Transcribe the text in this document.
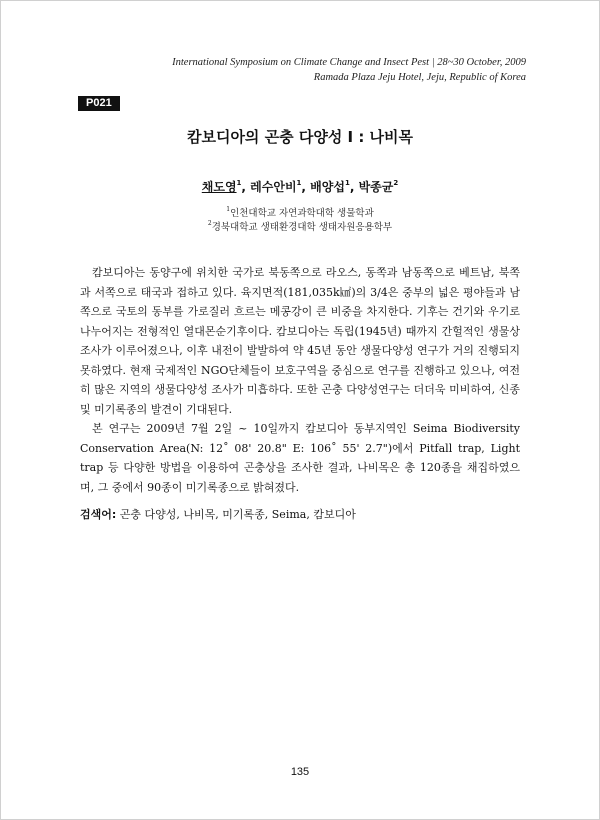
International Symposium on Climate Change and Insect Pest | 28~30 October, 2009
Ramada Plaza Jeju Hotel, Jeju, Republic of Korea
P021
캄보디아의 곤충 다양성 I : 나비목
채도영$^1$, 레수안비$^1$, 배양섭$^1$, 박종균$^2$
$^1$인천대학교 자연과학대학 생물학과
$^2$경북대학교 생태환경대학 생태자원응용학부

캄보디아는 동양구에 위치한 국가로 북동쪽으로 라오스, 동쪽과 남동쪽으로 베트남, 북쪽과 서쪽으로 태국과 접하고 있다. 육지면적(181,035k㎢)의 3/4은 중부의 넓은 평야들과 남쪽으로 국토의 동부를 가로질러 흐르는 메콩강이 큰 비중을 차지한다. 기후는 건기와 우기로 나누어지는 전형적인 열대몬순기후이다. 캄보디아는 독립(1945년) 때까지 간헐적인 생물상 조사가 이루어졌으나, 이후 내전이 발발하여 약 45년 동안 생물다양성 연구가 거의 진행되지 못하였다. 현재 국제적인 NGO단체들이 보호구역을 중심으로 연구를 진행하고 있으나, 여전히 많은 지역의 생물다양성 조사가 미흡하다. 또한 곤충 다양성연구는 더더욱 미비하여, 신종 및 미기록종의 발견이 기대된다.

본 연구는 2009년 7월 2일 ~ 10일까지 캄보디아 동부지역인 Seima Biodiversity Conservation Area(N: 12˚ 08' 20.8" E: 106˚ 55' 2.7")에서 Pitfall trap, Light trap 등 다양한 방법을 이용하여 곤충상을 조사한 결과, 나비목은 총 120종을 채집하였으며, 그 중에서 90종이 미기록종으로 밝혀졌다.

검색어: 곤충 다양성, 나비목, 미기록종, Seima, 캄보디아
135
